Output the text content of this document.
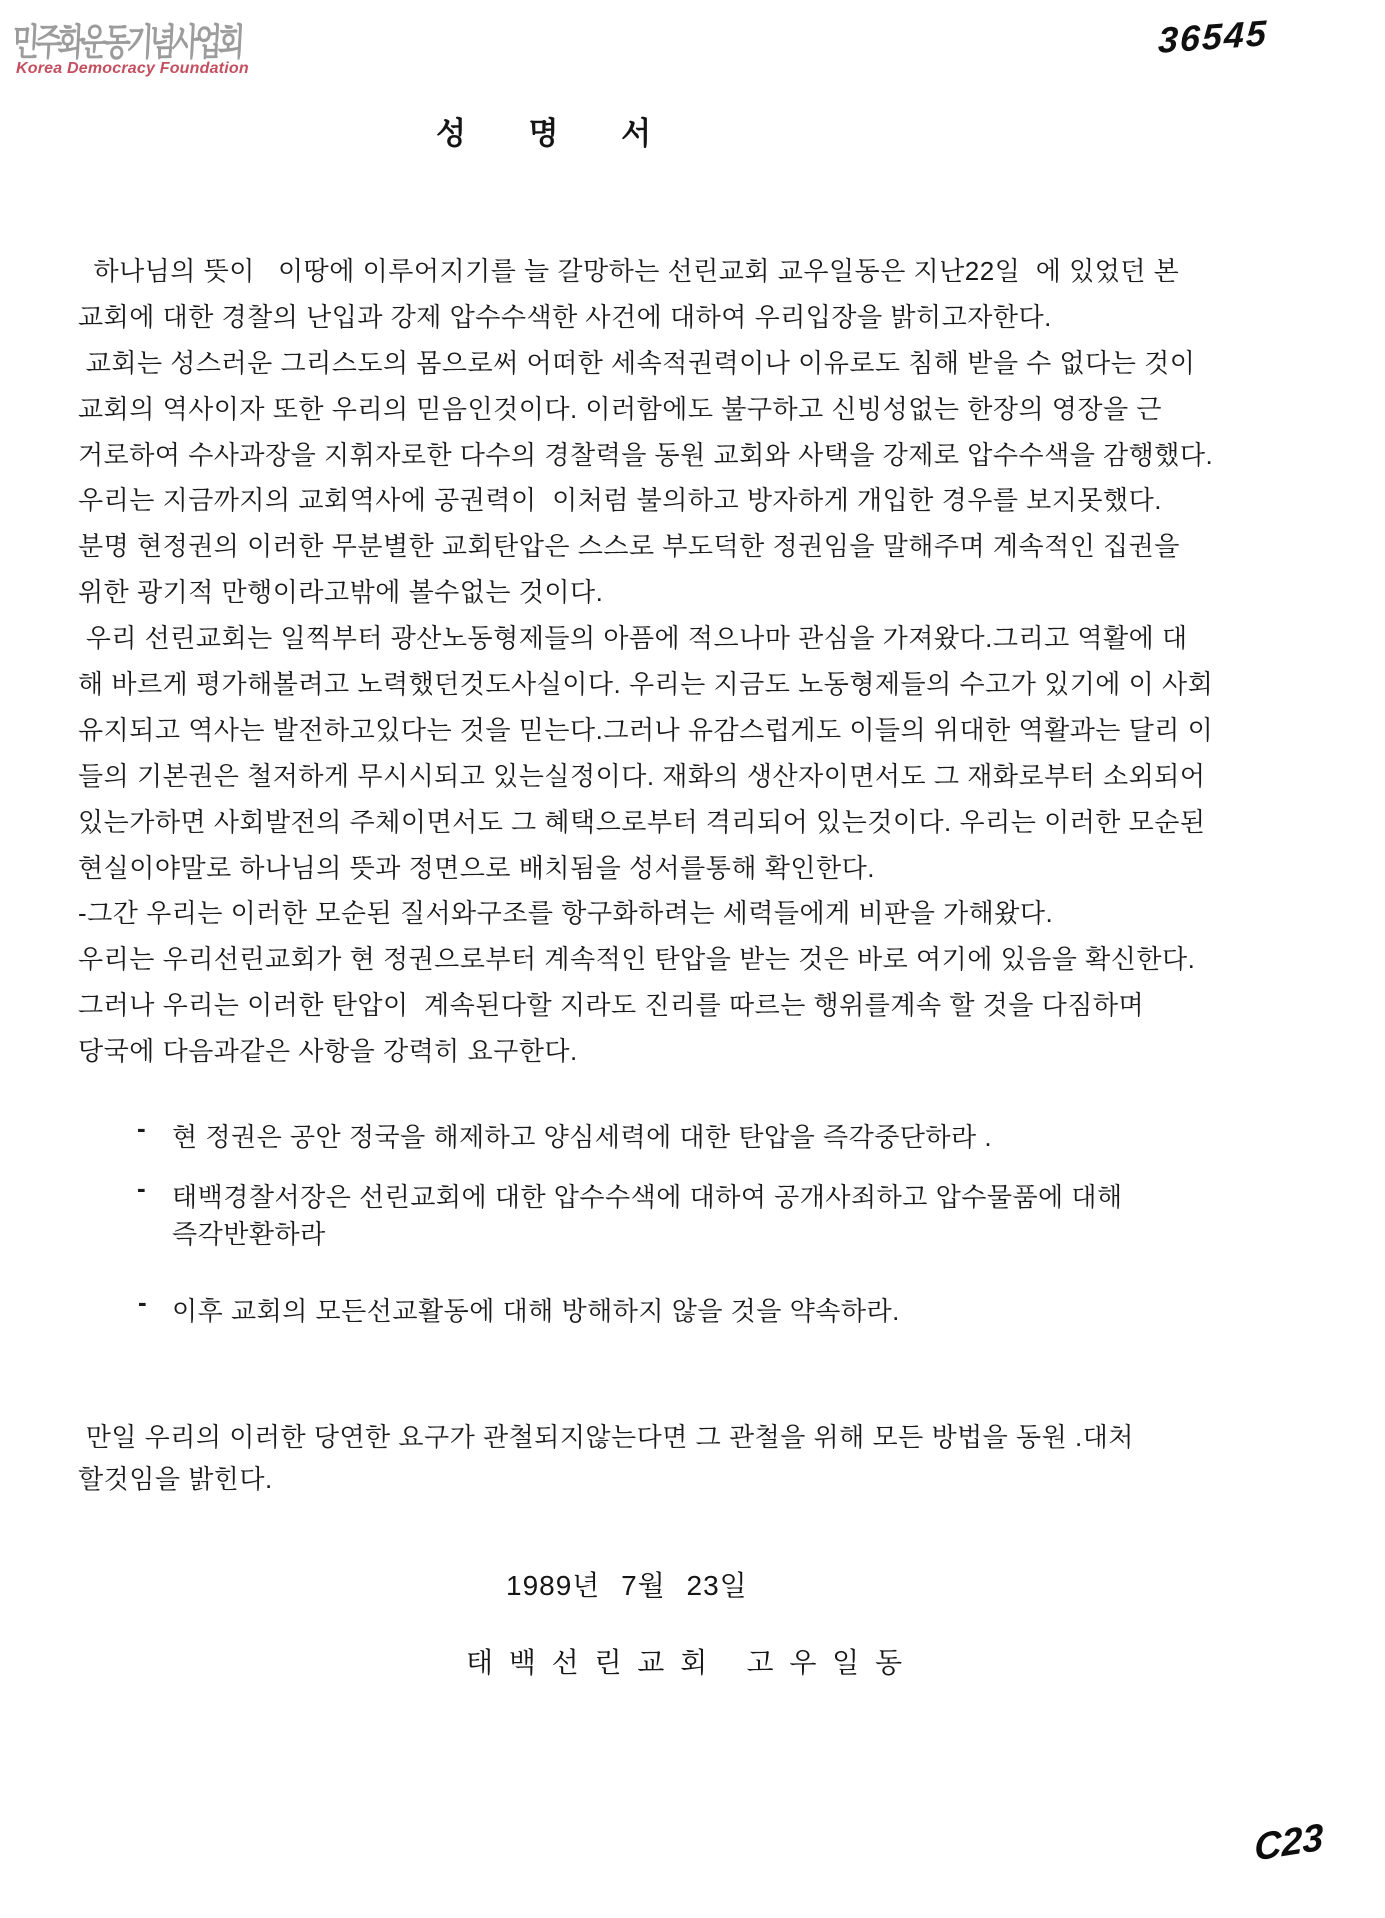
민주화운동기념사업회
Korea Democracy Foundation
36545
성 명 서
하나님의 뜻이   이땅에 이루어지기를 늘 갈망하는 선린교회 교우일동은 지난22일  에 있었던 본
교회에 대한 경찰의 난입과 강제 압수수색한 사건에 대하여 우리입장을 밝히고자한다.
교회는 성스러운 그리스도의 몸으로써 어떠한 세속적권력이나 이유로도 침해 받을 수 없다는 것이
교회의 역사이자 또한 우리의 믿음인것이다. 이러함에도 불구하고 신빙성없는 한장의 영장을 근
거로하여 수사과장을 지휘자로한 다수의 경찰력을 동원 교회와 사택을 강제로 압수수색을 감행했다.
우리는 지금까지의 교회역사에 공권력이  이처럼 불의하고 방자하게 개입한 경우를 보지못했다.
분명 현정권의 이러한 무분별한 교회탄압은 스스로 부도덕한 정권임을 말해주며 계속적인 집권을
위한 광기적 만행이라고밖에 볼수없는 것이다.
우리 선린교회는 일찍부터 광산노동형제들의 아픔에 적으나마 관심을 가져왔다.그리고 역활에 대
해 바르게 평가해볼려고 노력했던것도사실이다. 우리는 지금도 노동형제들의 수고가 있기에 이 사회
유지되고 역사는 발전하고있다는 것을 믿는다.그러나 유감스럽게도 이들의 위대한 역활과는 달리 이
들의 기본권은 철저하게 무시시되고 있는실정이다. 재화의 생산자이면서도 그 재화로부터 소외되어
있는가하면 사회발전의 주체이면서도 그 혜택으로부터 격리되어 있는것이다. 우리는 이러한 모순된
현실이야말로 하나님의 뜻과 정면으로 배치됨을 성서를통해 확인한다.
-그간 우리는 이러한 모순된 질서와구조를 항구화하려는 세력들에게 비판을 가해왔다.
우리는 우리선린교회가 현 정권으로부터 계속적인 탄압을 받는 것은 바로 여기에 있음을 확신한다.
그러나 우리는 이러한 탄압이  계속된다할 지라도 진리를 따르는 행위를계속 할 것을 다짐하며
당국에 다음과같은 사항을 강력히 요구한다.
- 현 정권은 공안 정국을 해제하고 양심세력에 대한 탄압을 즉각중단하라 .
- 태백경찰서장은 선린교회에 대한 압수수색에 대하여 공개사죄하고 압수물품에 대해
즉각반환하라
- 이후 교회의 모든선교활동에 대해 방해하지 않을 것을 약속하라.
만일 우리의 이러한 당연한 요구가 관철되지않는다면 그 관철을 위해 모든 방법을 동원 .대처
할것임을 밝힌다.
1989년 7월 23일
태 백 선 린 교 회   고 우 일 동
C23
